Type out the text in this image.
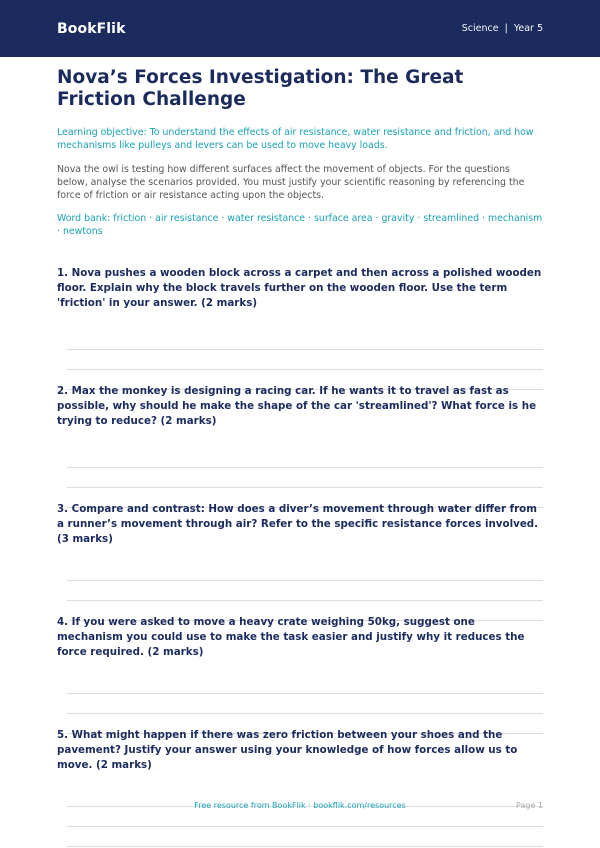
BookFlik	Science | Year 5
Nova’s Forces Investigation: The Great Friction Challenge

Learning objective: To understand the effects of air resistance, water resistance and friction, and how mechanisms like pulleys and levers can be used to move heavy loads.

Nova the owl is testing how different surfaces affect the movement of objects. For the questions below, analyse the scenarios provided. You must justify your scientific reasoning by referencing the force of friction or air resistance acting upon the objects.

Word bank: friction · air resistance · water resistance · surface area · gravity · streamlined · mechanism · newtons

1. Nova pushes a wooden block across a carpet and then across a polished wooden floor. Explain why the block travels further on the wooden floor. Use the term 'friction' in your answer. (2 marks)

2. Max the monkey is designing a racing car. If he wants it to travel as fast as possible, why should he make the shape of the car 'streamlined'? What force is he trying to reduce? (2 marks)

3. Compare and contrast: How does a diver’s movement through water differ from a runner’s movement through air? Refer to the specific resistance forces involved. (3 marks)

4. If you were asked to move a heavy crate weighing 50kg, suggest one mechanism you could use to make the task easier and justify why it reduces the force required. (2 marks)

5. What might happen if there was zero friction between your shoes and the pavement? Justify your answer using your knowledge of how forces allow us to move. (2 marks)

Free resource from BookFlik · bookflik.com/resources	Page 1
